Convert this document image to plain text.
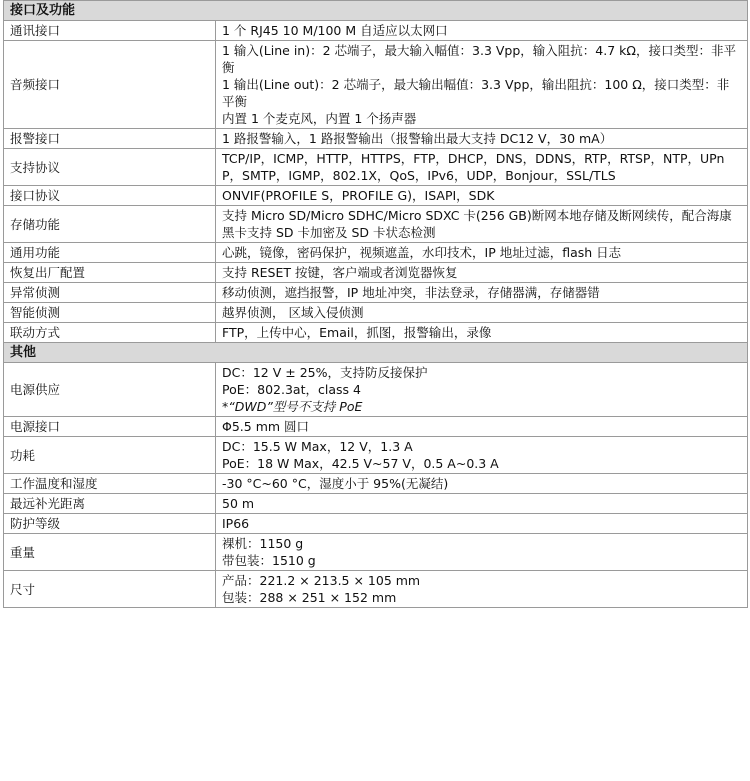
接口及功能	
通讯接口	1 个 RJ45 10 M/100 M 自适应以太网口

音频接口	1 输入(Line in)：2 芯端子，最大输入幅值：3.3 Vpp，输入阻抗：4.7 kΩ，接口类型：非平衡
1 输出(Line out)：2 芯端子，最大输出幅值：3.3 Vpp，输出阻抗：100 Ω，接口类型：非平衡
内置 1 个麦克风，内置 1 个扬声器

报警接口	1 路报警输入，1 路报警输出（报警输出最大支持 DC12 V，30 mA）

支持协议	TCP/IP，ICMP，HTTP，HTTPS，FTP，DHCP，DNS，DDNS，RTP，RTSP，NTP，UPnP，SMTP，IGMP，802.1X，QoS，IPv6，UDP，Bonjour，SSL/TLS

接口协议	ONVIF(PROFILE S，PROFILE G)，ISAPI，SDK

存储功能	支持 Micro SD/Micro SDHC/Micro SDXC 卡(256 GB)断网本地存储及断网续传，配合海康黑卡支持 SD 卡加密及 SD 卡状态检测

通用功能	心跳，镜像，密码保护，视频遮盖，水印技术，IP 地址过滤，flash 日志

恢复出厂配置	支持 RESET 按键，客户端或者浏览器恢复

异常侦测	移动侦测，遮挡报警，IP 地址冲突，非法登录，存储器满，存储器错

智能侦测	越界侦测， 区域入侵侦测

联动方式	FTP，上传中心，Email，抓图，报警输出，录像

其他	
电源供应	DC：12 V ± 25%，支持防反接保护
PoE：802.3at，class 4
*“DWD”型号不支持 PoE

电源接口	Φ5.5 mm 圆口

功耗	DC：15.5 W Max，12 V，1.3 A
PoE：18 W Max，42.5 V~57 V，0.5 A~0.3 A

工作温度和湿度	-30 °C~60 °C，湿度小于 95%(无凝结)

最远补光距离	50 m

防护等级	IP66

重量	裸机：1150 g
带包装：1510 g

尺寸	产品：221.2 × 213.5 × 105 mm
包装：288 × 251 × 152 mm
